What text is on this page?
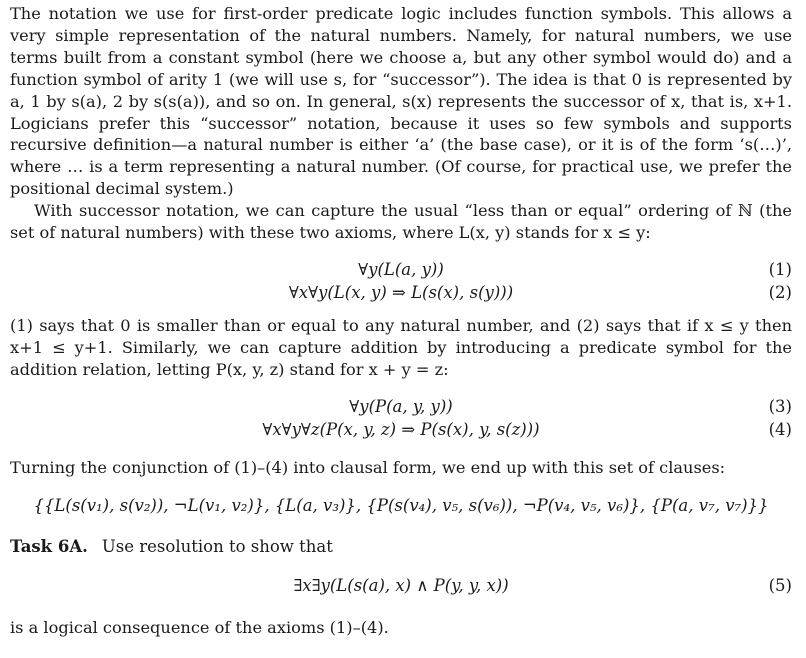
The notation we use for first-order predicate logic includes function symbols. This allows a very simple representation of the natural numbers. Namely, for natural numbers, we use terms built from a constant symbol (here we choose a, but any other symbol would do) and a function symbol of arity 1 (we will use s, for “successor”). The idea is that 0 is represented by a, 1 by s(a), 2 by s(s(a)), and so on. In general, s(x) represents the successor of x, that is, x+1. Logicians prefer this “successor” notation, because it uses so few symbols and supports recursive definition—a natural number is either ‘a’ (the base case), or it is of the form ‘s(…)’, where … is a term representing a natural number. (Of course, for practical use, we prefer the positional decimal system.)

With successor notation, we can capture the usual “less than or equal” ordering of ℕ (the set of natural numbers) with these two axioms, where L(x, y) stands for x ≤ y:

∀y(L(a, y))	(1)
∀x∀y(L(x, y) ⇒ L(s(x), s(y)))	(2)

(1) says that 0 is smaller than or equal to any natural number, and (2) says that if x ≤ y then x+1 ≤ y+1. Similarly, we can capture addition by introducing a predicate symbol for the addition relation, letting P(x, y, z) stand for x + y = z:

∀y(P(a, y, y))	(3)
∀x∀y∀z(P(x, y, z) ⇒ P(s(x), y, s(z)))	(4)

Turning the conjunction of (1)–(4) into clausal form, we end up with this set of clauses:

{{L(s(v₁), s(v₂)), ¬L(v₁, v₂)}, {L(a, v₃)}, {P(s(v₄), v₅, s(v₆)), ¬P(v₄, v₅, v₆)}, {P(a, v₇, v₇)}}
Task 6A. Use resolution to show that
∃x∃y(L(s(a), x) ∧ P(y, y, x))	(5)

is a logical consequence of the axioms (1)–(4).
